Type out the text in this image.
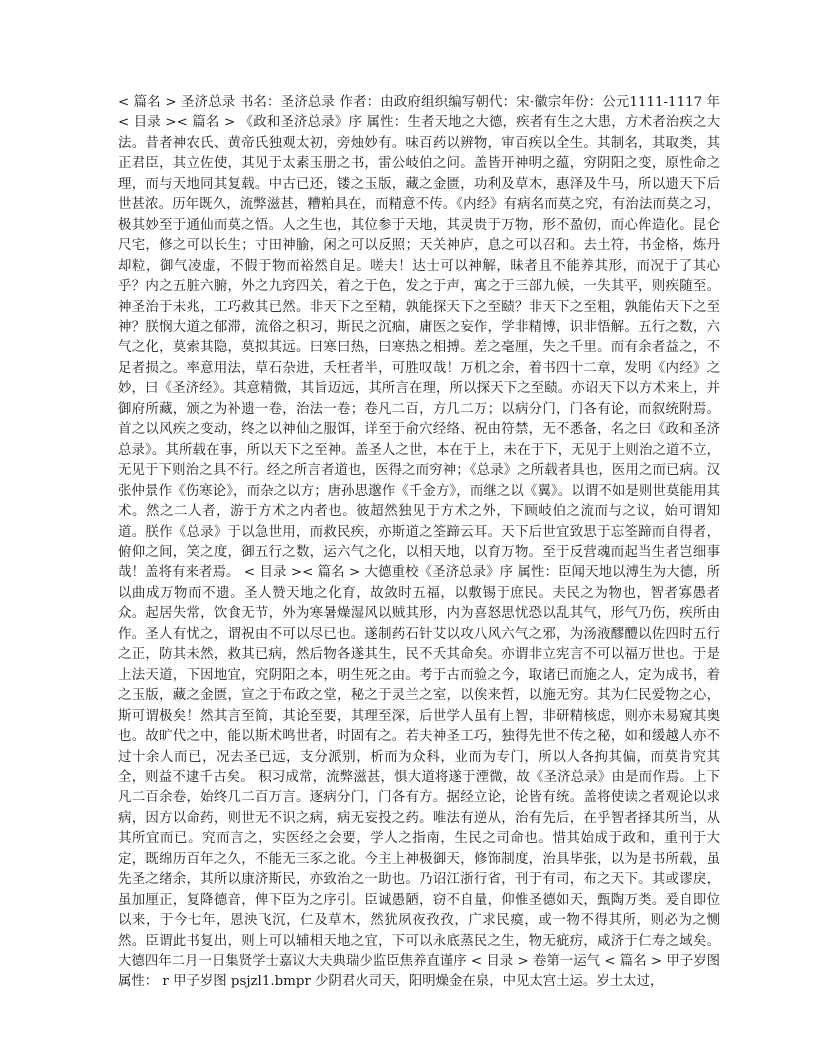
< 篇名 > 圣济总录 书名：圣济总录 作者：由政府组织编写朝代：宋·徽宗年份：公元1111-1117 年 < 目录 >< 篇名 > 《政和圣济总录》序 属性：生者天地之大德，疾者有生之大患，方术者治疾之大法。昔者神农氏、黄帝氏独观太初，旁烛妙有。味百药以辨物，审百疾以全生。其制名，其取类，其正君臣，其立佐使，其见于太素玉册之书，雷公岐伯之问。盖皆开神明之蕴，穷阴阳之变，原性命之理，而与天地同其复载。中古已还，镂之玉版，藏之金匮，功利及草木，惠泽及牛马，所以遗天下后世甚浓。历年既久，流弊滋甚，糟粕具在，而精意不传。《内经》有病名而莫之究，有治法而莫之习，极其妙至于通仙而莫之悟。人之生也，其位参于天地，其灵贵于万物，形不盈仞，而心侔造化。昆仑尺宅，修之可以长生；寸田神腧，闲之可以反照；天关神庐，息之可以召和。去土符，书金格，炼丹却粒，御气凌虚，不假于物而裕然自足。嗟夫！达士可以神解，昧者且不能养其形，而况于了其心乎？内之五脏六腑，外之九窍四关，着之于色，发之于声，寓之于三部九候，一失其平，则疾随至。神圣治于未兆，工巧救其已然。非天下之至精，孰能探天下之至赜？非天下之至粗，孰能佑天下之至神？朕悯大道之郁滞，流俗之积习，斯民之沉痼，庸医之妄作，学非精博，识非悟解。五行之数，六气之化，莫索其隐，莫拟其远。曰寒曰热，曰寒热之相搏。差之毫厘，失之千里。而有余者益之，不足者损之。率意用法，草石杂进，夭枉者半，可胜叹哉！万机之余，着书四十二章，发明《内经》之妙，曰《圣济经》。其意精微，其旨迈远，其所言在理，所以探天下之至赜。亦诏天下以方术来上，并御府所藏，颁之为补遗一卷，治法一卷；卷凡二百，方几二万；以病分门，门各有论，而叙统附焉。首之以风疾之变动，终之以神仙之服饵，详至于俞穴经络、祝由符禁，无不悉备，名之曰《政和圣济总录》。其所载在事，所以天下之至神。盖圣人之世，本在于上，未在于下，无见于上则治之道不立，无见于下则治之具不行。经之所言者道也，医得之而穷神；《总录》之所载者具也，医用之而已病。汉张仲景作《伤寒论》，而杂之以方；唐孙思邈作《千金方》，而继之以《翼》。以谓不如是则世莫能用其术。然之二人者，游于方术之内者也。彼超然独见于方术之外，下顾岐伯之流而与之议，始可谓知道。朕作《总录》于以急世用，而救民疾，亦斯道之筌蹄云耳。天下后世宜致思于忘筌蹄而自得者，俯仰之间，笑之度，御五行之数，运六气之化，以相天地，以育万物。至于反营魂而起当生者岂细事哉！盖将有来者焉。 < 目录 >< 篇名 > 大德重校《圣济总录》序 属性：臣闻天地以溥生为大德，所以曲成万物而不遗。圣人赞天地之化育，故敛时五福，以敷锡于庶民。夫民之为物也，智者寡愚者众。起居失常，饮食无节，外为寒暑燥湿风以贼其形，内为喜怒思忧恐以乱其气，形气乃伤，疾所由作。圣人有忧之，谓祝由不可以尽已也。遂制药石针艾以攻八风六气之邪，为汤液醪醴以佐四时五行之正，防其未然，救其已病，然后物各遂其生，民不夭其命矣。亦谓非立宪言不可以福万世也。于是上法天道，下因地宜，究阴阳之本，明生死之由。考于古而验之今，取诸已而施之人，定为成书，着之玉版，藏之金匮，宣之于布政之堂，秘之于灵兰之室，以俟来哲，以施无穷。其为仁民爱物之心，斯可谓极矣！然其言至简，其论至要，其理至深，后世学人虽有上智，非研精核虑，则亦未易窥其奥也。故旷代之中，能以斯术鸣世者，时固有之。若夫神圣工巧，独得先世不传之秘，如和缓越人亦不过十余人而已，况去圣已远，支分派别，析而为众科，业而为专门，所以人各拘其偏，而莫肯究其全，则益不逮千古矣。 积习成常，流弊滋甚，惧大道将遂于湮微，故《圣济总录》由是而作焉。上下凡二百余卷，始终几二百万言。逐病分门，门各有方。据经立论，论皆有统。盖将使读之者观论以求病，因方以命药，则世无不识之病，病无妄投之药。唯法有逆从，治有先后，在乎智者择其所当，从其所宜而已。究而言之，实医经之会要，学人之指南，生民之司命也。惜其始成于政和，重刊于大定，既绵历百年之久，不能无三豕之讹。今主上神极御天，修饰制度，治具毕张，以为是书所载，虽先圣之绪余，其所以康济斯民，亦致治之一助也。乃诏江浙行省，刊于有司，布之天下。其或谬戾，虽加厘正，复降德音，俾下臣为之序引。臣诚愚陋，窃不自量，仰惟圣德如天，甄陶万类。爰自即位以来，于今七年，恩泱飞沉，仁及草木，然犹夙夜孜孜，广求民瘼，或一物不得其所，则必为之恻然。臣谓此书复出，则上可以辅相天地之宜，下可以永底蒸民之生，物无疵疠，咸济于仁寿之域矣。大德四年二月一日集贤学士嘉议大夫典瑞少监臣焦养直谨序 < 目录 > 卷第一运气 < 篇名 > 甲子岁图 属性： r 甲子岁图 psjzl1.bmpr 少阴君火司天，阳明燥金在泉，中见太宫土运。岁土太过，
